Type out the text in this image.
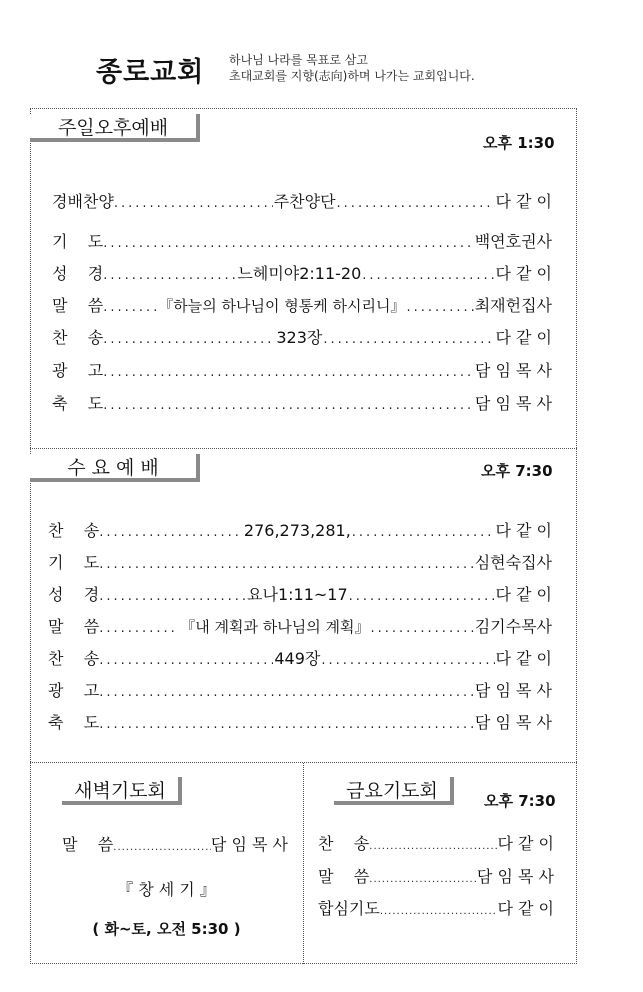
종로교회 하나님 나라를 목표로 삼고
초대교회를 지향(志向)하며 나가는 교회입니다.
주일오후예배
오후 1:30
경배찬양 .....	주찬양단 .....	다 같 이
기    도 .....	백연호권사
성    경 .....	느헤미야2:11-20 .....	다 같 이
말    씀 .....	『하늘의 하나님이 형통케 하시리니』 .....	최재헌집사
찬    송 .....	323장 .....	다 같 이
광    고 .....	담 임 목 사
축    도 .....	담 임 목 사
수 요 예 배	오후 7:30
찬    송 .....	276,273,281, .....	다 같 이
기    도 .....	심현숙집사
성    경 .....	요나1:11~17 .....	다 같 이
말    씀 .....	『내 계획과 하나님의 계획』 .....	김기수목사
찬    송 .....	449장 .....	다 같 이
광    고 .....	담 임 목 사
축    도 .....	담 임 목 사
새벽기도회
말    씀 .....	담 임 목 사
『 창 세 기 』
( 화~토, 오전 5:30 )
금요기도회	오후 7:30
찬    송 .....	다 같 이
말    씀 .....	담 임 목 사
합심기도 .....	다 같 이
